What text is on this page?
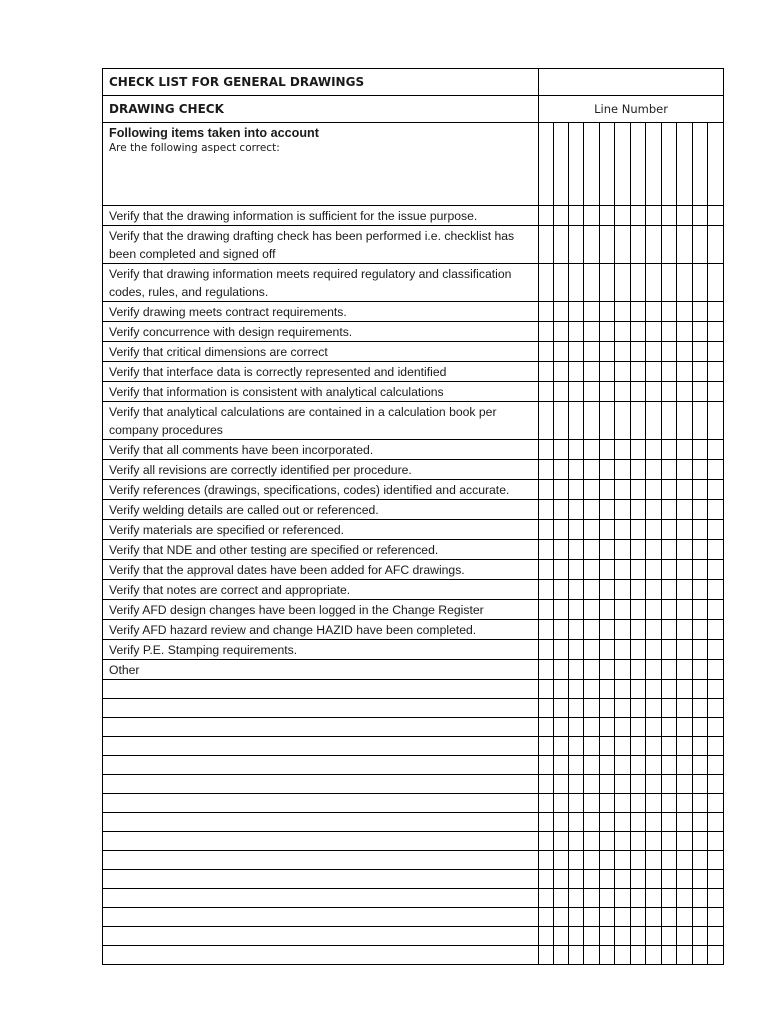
CHECK LIST FOR GENERAL DRAWINGS												
DRAWING CHECK	Line Number											

Following items taken into account
Are the following aspect correct:												

Verify that the drawing information is sufficient for the issue purpose.												
Verify that the drawing drafting check has been performed i.e. checklist has been completed and signed off												
Verify that drawing information meets required regulatory and classification codes, rules, and regulations.												
Verify drawing meets contract requirements.												
Verify concurrence with design requirements.												
Verify that critical dimensions are correct												
Verify that interface data is correctly represented and identified												
Verify that information is consistent with analytical calculations												
Verify that analytical calculations are contained in a calculation book per company procedures												
Verify that all comments have been incorporated.												
Verify all revisions are correctly identified per procedure.												
Verify references (drawings, specifications, codes) identified and accurate.												
Verify welding details are called out or referenced.												
Verify materials are specified or referenced.												
Verify that NDE and other testing are specified or referenced.												
Verify that the approval dates have been added for AFC drawings.												
Verify that notes are correct and appropriate.												
Verify AFD design changes have been logged in the Change Register												
Verify AFD hazard review and change HAZID have been completed.												
Verify P.E. Stamping requirements.												
Other												
